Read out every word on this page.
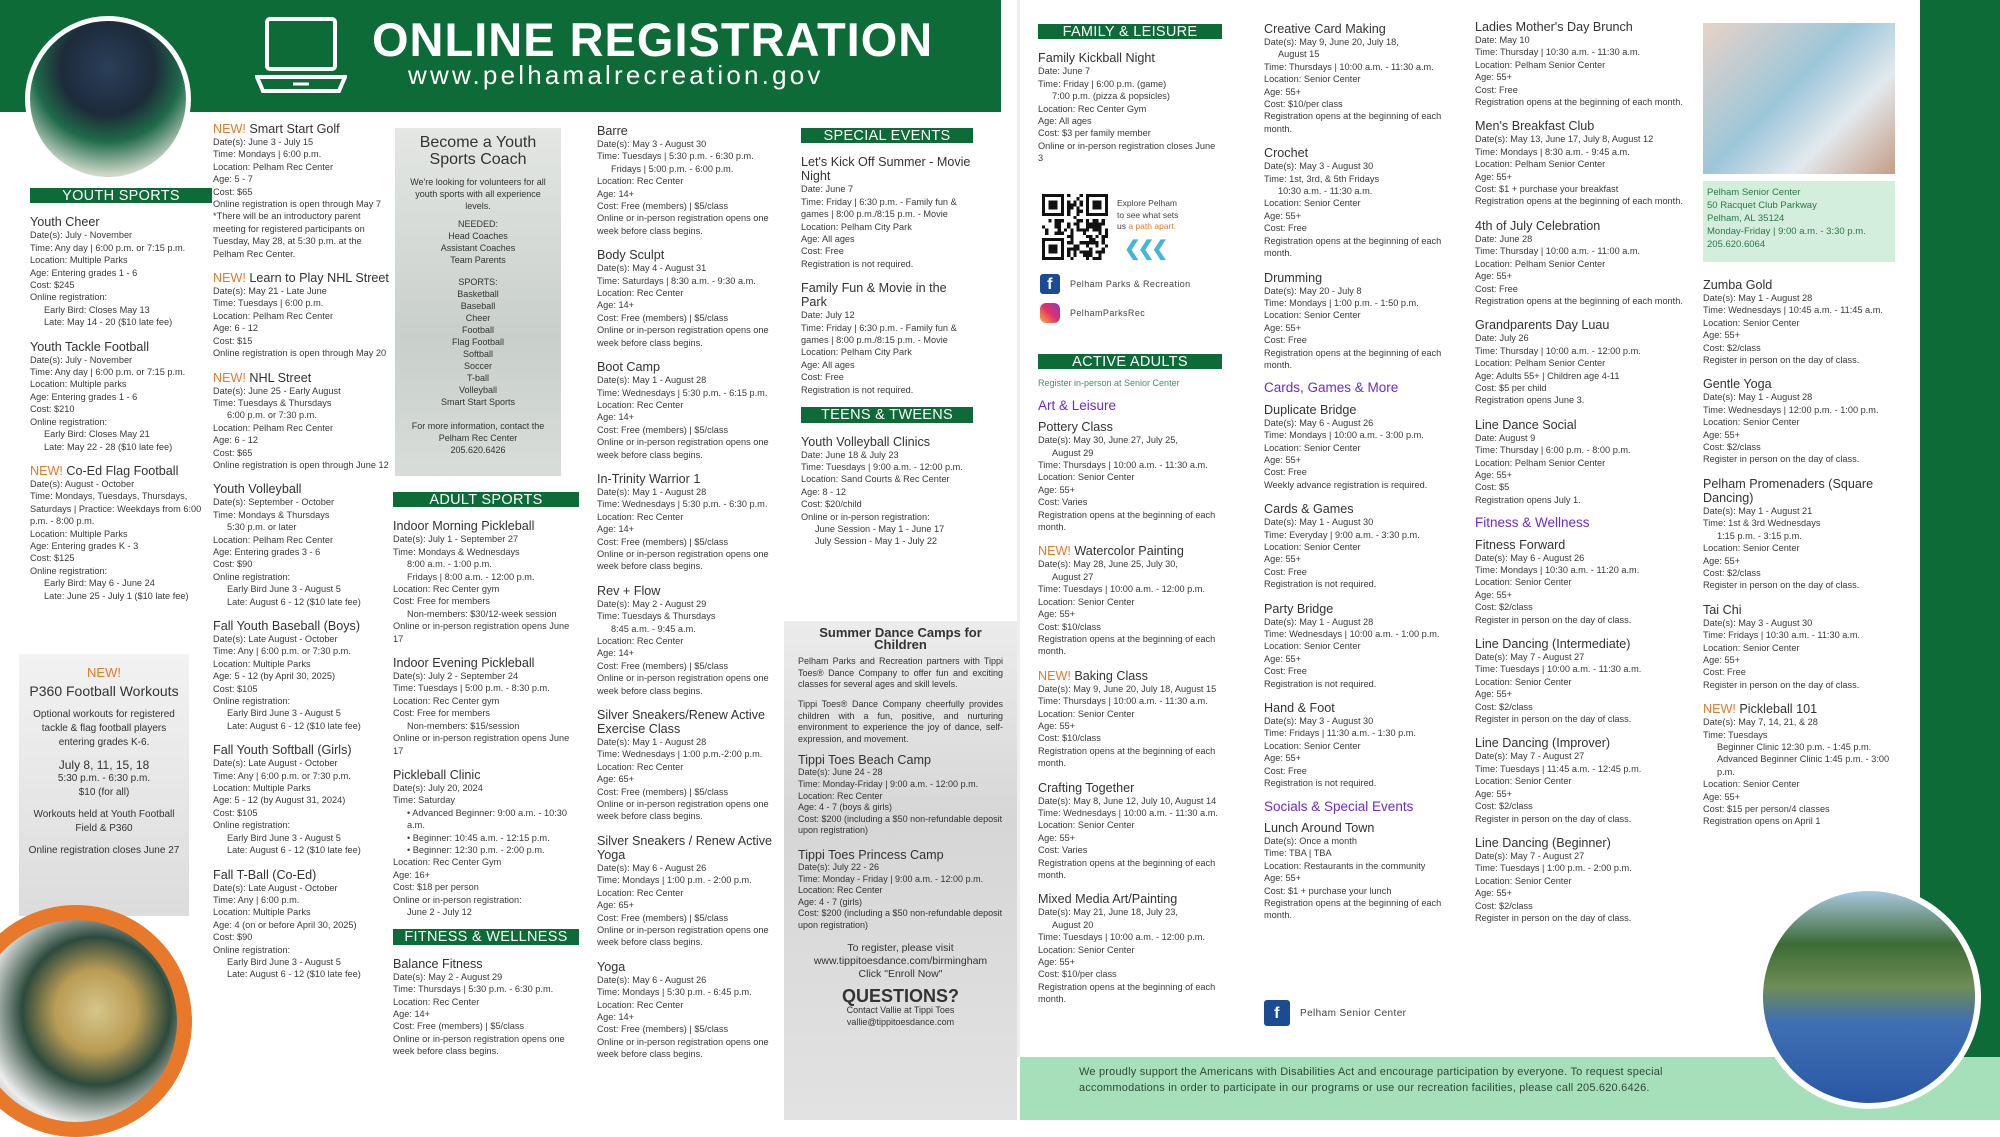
ONLINE REGISTRATION
www.pelhamalrecreation.gov
YOUTH SPORTS
Youth Cheer
Date(s): July - November
Time: Any day | 6:00 p.m. or 7:15 p.m.
Location: Multiple Parks
Age: Entering grades 1 - 6
Cost: $245
Online registration:
Early Bird: Closes May 13
Late: May 14 - 20 ($10 late fee)
Youth Tackle Football
Date(s): July - November
Time: Any day | 6:00 p.m. or 7:15 p.m.
Location: Multiple parks
Age: Entering grades 1 - 6
Cost: $210
Online registration:
Early Bird: Closes May 21
Late: May 22 - 28 ($10 late fee)
NEW! Co-Ed Flag Football
Date(s): August - October
Time: Mondays, Tuesdays, Thursdays, Saturdays | Practice: Weekdays from 6:00 p.m. - 8:00 p.m.
Location: Multiple Parks
Age: Entering grades K - 3
Cost: $125
Online registration:
Early Bird: May 6 - June 24
Late: June 25 - July 1 ($10 late fee)
NEW!
P360 Football Workouts
Optional workouts for registered tackle & flag football players entering grades K-6.
July 8, 11, 15, 18
5:30 p.m. - 6:30 p.m.
$10 (for all)
Workouts held at Youth Football Field & P360
Online registration closes June 27
NEW! Smart Start Golf
Date(s): June 3 - July 15
Time: Mondays | 6:00 p.m.
Location: Pelham Rec Center
Age: 5 - 7
Cost: $65
Online registration is open through May 7
*There will be an introductory parent meeting for registered participants on Tuesday, May 28, at 5:30 p.m. at the Pelham Rec Center.
NEW! Learn to Play NHL Street
Date(s): May 21 - Late June
Time: Tuesdays | 6:00 p.m.
Location: Pelham Rec Center
Age: 6 - 12
Cost: $15
Online registration is open through May 20
NEW! NHL Street
Date(s): June 25 - Early August
Time: Tuesdays & Thursdays
6:00 p.m. or 7:30 p.m.
Location: Pelham Rec Center
Age: 6 - 12
Cost: $65
Online registration is open through June 12
Youth Volleyball
Date(s): September - October
Time: Mondays & Thursdays
5:30 p.m. or later
Location: Pelham Rec Center
Age: Entering grades 3 - 6
Cost: $90
Online registration:
Early Bird June 3 - August 5
Late: August 6 - 12 ($10 late fee)
Fall Youth Baseball (Boys)
Date(s): Late August - October
Time: Any | 6:00 p.m. or 7:30 p.m.
Location: Multiple Parks
Age: 5 - 12 (by April 30, 2025)
Cost: $105
Online registration:
Early Bird June 3 - August 5
Late: August 6 - 12 ($10 late fee)
Fall Youth Softball (Girls)
Date(s): Late August - October
Time: Any | 6:00 p.m. or 7:30 p.m.
Location: Multiple Parks
Age: 5 - 12 (by August 31, 2024)
Cost: $105
Online registration:
Early Bird June 3 - August 5
Late: August 6 - 12 ($10 late fee)
Fall T-Ball (Co-Ed)
Date(s): Late August - October
Time: Any | 6:00 p.m.
Location: Multiple Parks
Age: 4 (on or before April 30, 2025)
Cost: $90
Online registration:
Early Bird June 3 - August 5
Late: August 6 - 12 ($10 late fee)
Become a Youth Sports Coach
We're looking for volunteers for all youth sports with all experience levels.
NEEDED:
Head Coaches
Assistant Coaches
Team Parents
SPORTS:
Basketball
Baseball
Cheer
Football
Flag Football
Softball
Soccer
T-ball
Volleyball
Smart Start Sports
For more information, contact the Pelham Rec Center
205.620.6426
ADULT SPORTS
Indoor Morning Pickleball
Date(s): July 1 - September 27
Time: Mondays & Wednesdays
8:00 a.m. - 1:00 p.m.
Fridays | 8:00 a.m. - 12:00 p.m.
Location: Rec Center gym
Cost: Free for members
Non-members: $30/12-week session
Online or in-person registration opens June 17
Indoor Evening Pickleball
Date(s): July 2 - September 24
Time: Tuesdays | 5:00 p.m. - 8:30 p.m.
Location: Rec Center gym
Cost: Free for members
Non-members: $15/session
Online or in-person registration opens June 17
Pickleball Clinic
Date(s): July 20, 2024
Time: Saturday
• Advanced Beginner: 9:00 a.m. - 10:30 a.m.
• Beginner: 10:45 a.m. - 12:15 p.m.
• Beginner: 12:30 p.m. - 2:00 p.m.
Location: Rec Center Gym
Age: 16+
Cost: $18 per person
Online or in-person registration:
June 2 - July 12
FITNESS & WELLNESS
Balance Fitness
Date(s): May 2 - August 29
Time: Thursdays | 5:30 p.m. - 6:30 p.m.
Location: Rec Center
Age: 14+
Cost: Free (members) | $5/class
Online or in-person registration opens one week before class begins.
Barre
Date(s): May 3 - August 30
Time: Tuesdays | 5:30 p.m. - 6:30 p.m.
Fridays | 5:00 p.m. - 6:00 p.m.
Location: Rec Center
Age: 14+
Cost: Free (members) | $5/class
Online or in-person registration opens one week before class begins.
Body Sculpt
Date(s): May 4 - August 31
Time: Saturdays | 8:30 a.m. - 9:30 a.m.
Location: Rec Center
Age: 14+
Cost: Free (members) | $5/class
Online or in-person registration opens one week before class begins.
Boot Camp
Date(s): May 1 - August 28
Time: Wednesdays | 5:30 p.m. - 6:15 p.m.
Location: Rec Center
Age: 14+
Cost: Free (members) | $5/class
Online or in-person registration opens one week before class begins.
In-Trinity Warrior 1
Date(s): May 1 - August 28
Time: Wednesdays | 5:30 p.m. - 6:30 p.m.
Location: Rec Center
Age: 14+
Cost: Free (members) | $5/class
Online or in-person registration opens one week before class begins.
Rev + Flow
Date(s): May 2 - August 29
Time: Tuesdays & Thursdays
8:45 a.m. - 9:45 a.m.
Location: Rec Center
Age: 14+
Cost: Free (members) | $5/class
Online or in-person registration opens one week before class begins.
Silver Sneakers/Renew Active Exercise Class
Date(s): May 1 - August 28
Time: Wednesdays | 1:00 p.m.-2:00 p.m.
Location: Rec Center
Age: 65+
Cost: Free (members) | $5/class
Online or in-person registration opens one week before class begins.
Silver Sneakers / Renew Active Yoga
Date(s): May 6 - August 26
Time: Mondays | 1:00 p.m. - 2:00 p.m.
Location: Rec Center
Age: 65+
Cost: Free (members) | $5/class
Online or in-person registration opens one week before class begins.
Yoga
Date(s): May 6 - August 26
Time: Mondays | 5:30 p.m. - 6:45 p.m.
Location: Rec Center
Age: 14+
Cost: Free (members) | $5/class
Online or in-person registration opens one week before class begins.
SPECIAL EVENTS
Let's Kick Off Summer - Movie Night
Date: June 7
Time: Friday | 6:30 p.m. - Family fun & games | 8:00 p.m./8:15 p.m. - Movie
Location: Pelham City Park
Age: All ages
Cost: Free
Registration is not required.
Family Fun & Movie in the Park
Date: July 12
Time: Friday | 6:30 p.m. - Family fun & games | 8:00 p.m./8:15 p.m. - Movie
Location: Pelham City Park
Age: All ages
Cost: Free
Registration is not required.
TEENS & TWEENS
Youth Volleyball Clinics
Date: June 18 & July 23
Time: Tuesdays | 9:00 a.m. - 12:00 p.m.
Location: Sand Courts & Rec Center
Age: 8 - 12
Cost: $20/child
Online or in-person registration:
June Session - May 1 - June 17
July Session - May 1 - July 22
Summer Dance Camps for Children
Pelham Parks and Recreation partners with Tippi Toes® Dance Company to offer fun and exciting classes for several ages and skill levels.
Tippi Toes® Dance Company cheerfully provides children with a fun, positive, and nurturing environment to experience the joy of dance, self-expression, and movement.
Tippi Toes Beach Camp
Date(s): June 24 - 28
Time: Monday-Friday | 9:00 a.m. - 12:00 p.m.
Location: Rec Center
Age: 4 - 7 (boys & girls)
Cost: $200 (including a $50 non-refundable deposit upon registration)
Tippi Toes Princess Camp
Date(s): July 22 - 26
Time: Monday - Friday | 9:00 a.m. - 12:00 p.m.
Location: Rec Center
Age: 4 - 7 (girls)
Cost: $200 (including a $50 non-refundable deposit upon registration)
To register, please visit
www.tippitoesdance.com/birmingham
Click "Enroll Now"
QUESTIONS?
Contact Vallie at Tippi Toes
vallie@tippitoesdance.com
FAMILY & LEISURE
Family Kickball Night
Date: June 7
Time: Friday | 6:00 p.m. (game)
7:00 p.m. (pizza & popsicles)
Location: Rec Center Gym
Age: All ages
Cost: $3 per family member
Online or in-person registration closes June 3
Explore Pelham
to see what sets
us a path apart.
❮❮❮
f	Pelham Parks & Recreation
PelhamParksRec
ACTIVE ADULTS
Register in-person at Senior Center
Art & Leisure
Pottery Class
Date(s): May 30, June 27, July 25,
August 29
Time: Thursdays | 10:00 a.m. - 11:30 a.m.
Location: Senior Center
Age: 55+
Cost: Varies
Registration opens at the beginning of each month.
NEW! Watercolor Painting
Date(s): May 28, June 25, July 30,
August 27
Time: Tuesdays | 10:00 a.m. - 12:00 p.m.
Location: Senior Center
Age: 55+
Cost: $10/class
Registration opens at the beginning of each month.
NEW! Baking Class
Date(s): May 9, June 20, July 18, August 15
Time: Thursdays | 10:00 a.m. - 11:30 a.m.
Location: Senior Center
Age: 55+
Cost: $10/class
Registration opens at the beginning of each month.
Crafting Together
Date(s): May 8, June 12, July 10, August 14
Time: Wednesdays | 10:00 a.m. - 11:30 a.m.
Location: Senior Center
Age: 55+
Cost: Varies
Registration opens at the beginning of each month.
Mixed Media Art/Painting
Date(s): May 21, June 18, July 23,
August 20
Time: Tuesdays | 10:00 a.m. - 12:00 p.m.
Location: Senior Center
Age: 55+
Cost: $10/per class
Registration opens at the beginning of each month.
Creative Card Making
Date(s): May 9, June 20, July 18,
August 15
Time: Thursdays | 10:00 a.m. - 11:30 a.m.
Location: Senior Center
Age: 55+
Cost: $10/per class
Registration opens at the beginning of each month.
Crochet
Date(s): May 3 - August 30
Time: 1st, 3rd, & 5th Fridays
10:30 a.m. - 11:30 a.m.
Location: Senior Center
Age: 55+
Cost: Free
Registration opens at the beginning of each month.
Drumming
Date(s): May 20 - July 8
Time: Mondays | 1:00 p.m. - 1:50 p.m.
Location: Senior Center
Age: 55+
Cost: Free
Registration opens at the beginning of each month.
Cards, Games & More
Duplicate Bridge
Date(s): May 6 - August 26
Time: Mondays | 10:00 a.m. - 3:00 p.m.
Location: Senior Center
Age: 55+
Cost: Free
Weekly advance registration is required.
Cards & Games
Date(s): May 1 - August 30
Time: Everyday | 9:00 a.m. - 3:30 p.m.
Location: Senior Center
Age: 55+
Cost: Free
Registration is not required.
Party Bridge
Date(s): May 1 - August 28
Time: Wednesdays | 10:00 a.m. - 1:00 p.m.
Location: Senior Center
Age: 55+
Cost: Free
Registration is not required.
Hand & Foot
Date(s): May 3 - August 30
Time: Fridays | 11:30 a.m. - 1:30 p.m.
Location: Senior Center
Age: 55+
Cost: Free
Registration is not required.
Socials & Special Events
Lunch Around Town
Date(s): Once a month
Time: TBA | TBA
Location: Restaurants in the community
Age: 55+
Cost: $1 + purchase your lunch
Registration opens at the beginning of each month.
f	Pelham Senior Center
Ladies Mother's Day Brunch
Date: May 10
Time: Thursday | 10:30 a.m. - 11:30 a.m.
Location: Pelham Senior Center
Age: 55+
Cost: Free
Registration opens at the beginning of each month.
Men's Breakfast Club
Date(s): May 13, June 17, July 8, August 12
Time: Mondays | 8:30 a.m. - 9:45 a.m.
Location: Pelham Senior Center
Age: 55+
Cost: $1 + purchase your breakfast
Registration opens at the beginning of each month.
4th of July Celebration
Date: June 28
Time: Thursday | 10:00 a.m. - 11:00 a.m.
Location: Pelham Senior Center
Age: 55+
Cost: Free
Registration opens at the beginning of each month.
Grandparents Day Luau
Date: July 26
Time: Thursday | 10:00 a.m. - 12:00 p.m.
Location: Pelham Senior Center
Age: Adults 55+ | Children age 4-11
Cost: $5 per child
Registration opens June 3.
Line Dance Social
Date: August 9
Time: Thursday | 6:00 p.m. - 8:00 p.m.
Location: Pelham Senior Center
Age: 55+
Cost: $5
Registration opens July 1.
Fitness & Wellness
Fitness Forward
Date(s): May 6 - August 26
Time: Mondays | 10:30 a.m. - 11:20 a.m.
Location: Senior Center
Age: 55+
Cost: $2/class
Register in person on the day of class.
Line Dancing (Intermediate)
Date(s): May 7 - August 27
Time: Tuesdays | 10:00 a.m. - 11:30 a.m.
Location: Senior Center
Age: 55+
Cost: $2/class
Register in person on the day of class.
Line Dancing (Improver)
Date(s): May 7 - August 27
Time: Tuesdays | 11:45 a.m. - 12:45 p.m.
Location: Senior Center
Age: 55+
Cost: $2/class
Register in person on the day of class.
Line Dancing (Beginner)
Date(s): May 7 - August 27
Time: Tuesdays | 1:00 p.m. - 2:00 p.m.
Location: Senior Center
Age: 55+
Cost: $2/class
Register in person on the day of class.
Pelham Senior Center
50 Racquet Club Parkway
Pelham, AL 35124
Monday-Friday | 9:00 a.m. - 3:30 p.m.
205.620.6064
Zumba Gold
Date(s): May 1 - August 28
Time: Wednesdays | 10:45 a.m. - 11:45 a.m.
Location: Senior Center
Age: 55+
Cost: $2/class
Register in person on the day of class.
Gentle Yoga
Date(s): May 1 - August 28
Time: Wednesdays | 12:00 p.m. - 1:00 p.m.
Location: Senior Center
Age: 55+
Cost: $2/class
Register in person on the day of class.
Pelham Promenaders (Square Dancing)
Date(s): May 1 - August 21
Time: 1st & 3rd Wednesdays
1:15 p.m. - 3:15 p.m.
Location: Senior Center
Age: 55+
Cost: $2/class
Register in person on the day of class.
Tai Chi
Date(s): May 3 - August 30
Time: Fridays | 10:30 a.m. - 11:30 a.m.
Location: Senior Center
Age: 55+
Cost: Free
Register in person on the day of class.
NEW! Pickleball 101
Date(s): May 7, 14, 21, & 28
Time: Tuesdays
Beginner Clinic 12:30 p.m. - 1:45 p.m.
Advanced Beginner Clinic 1:45 p.m. - 3:00 p.m.
Location: Senior Center
Age: 55+
Cost: $15 per person/4 classes
Registration opens on April 1
We proudly support the Americans with Disabilities Act and encourage participation by everyone. To request special accommodations in order to participate in our programs or use our recreation facilities, please call 205.620.6426.
